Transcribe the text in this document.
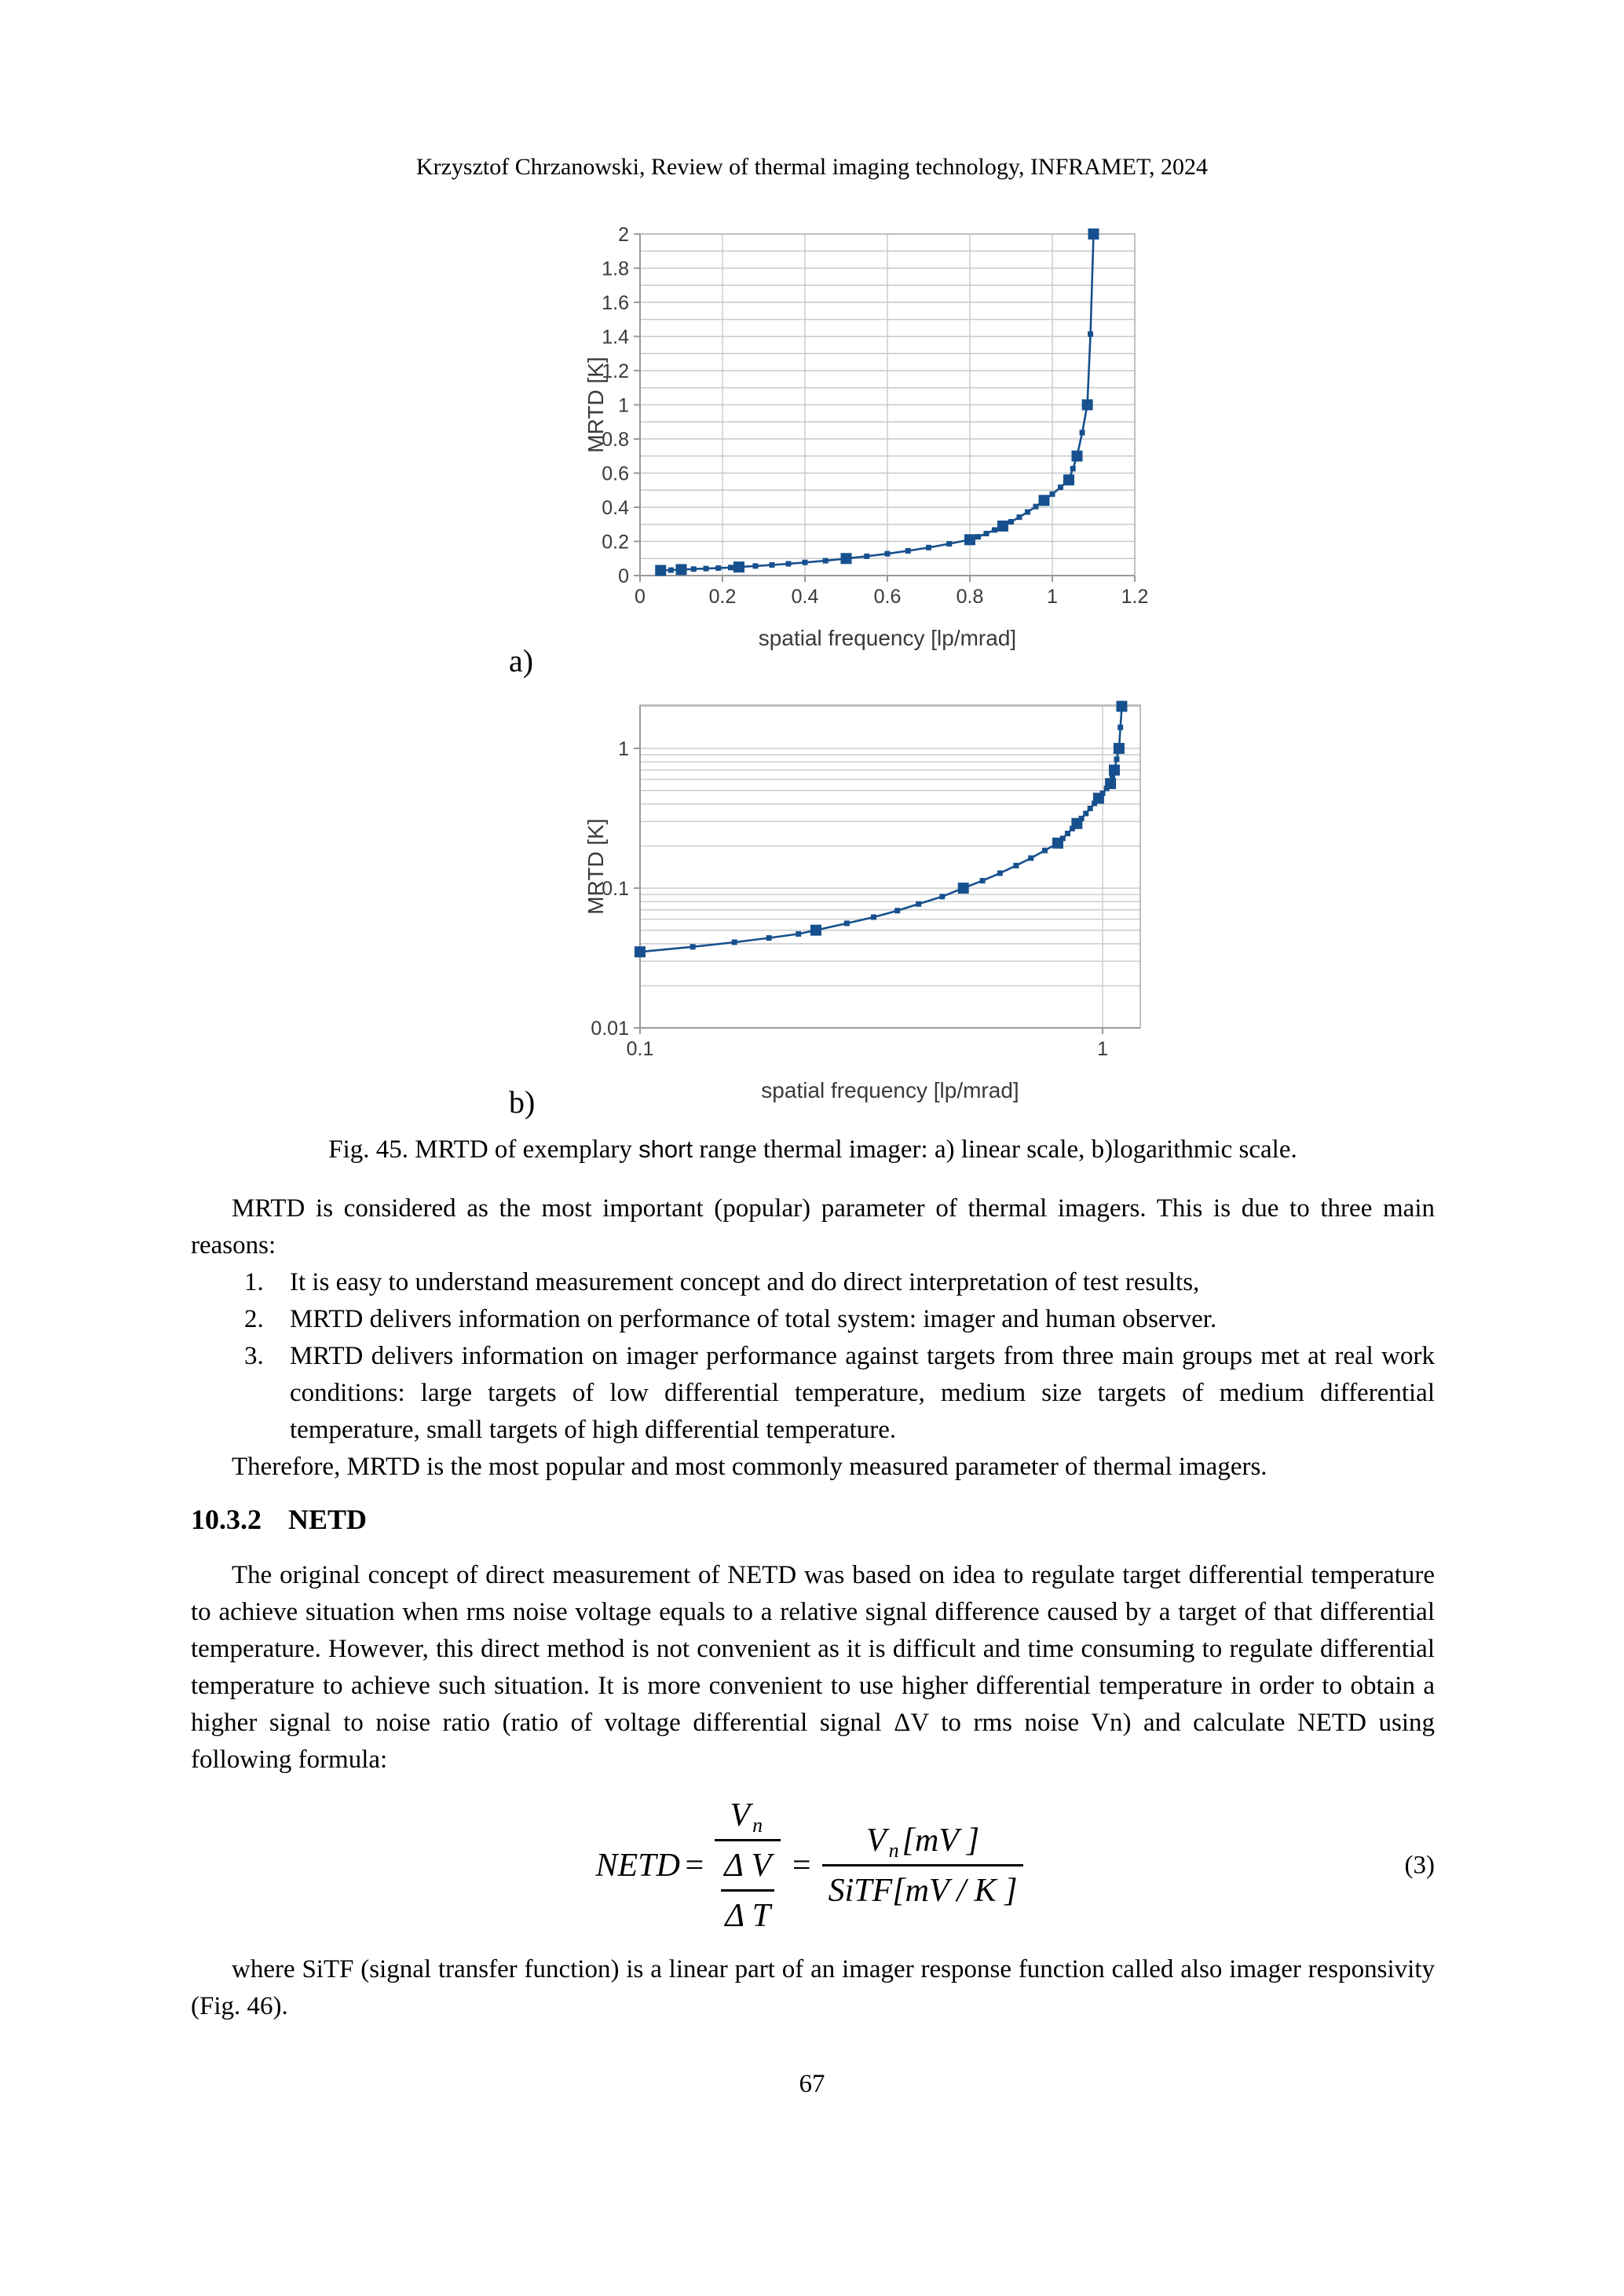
Krzysztof Chrzanowski, Review of thermal imaging technology, INFRAMET, 2024
0
0.2
0.4
0.6
0.8
1
1.2
1.4
1.6
1.8
2
0	0.2	0.4	0.6	0.8	1	1.2
spatial frequency [lp/mrad]
MRTD [K]
a)
0.01
0.1
1
0.1	1
spatial frequency [lp/mrad]
MRTD [K]
b)
Fig. 45. MRTD of exemplary short range thermal imager: a) linear scale, b)logarithmic scale.

MRTD is considered as the most important (popular) parameter of thermal imagers. This is due to three main reasons:

1.	It is easy to understand measurement concept and do direct interpretation of test results,
2.	MRTD delivers information on performance of total system: imager and human observer.
3.	MRTD delivers information on imager performance against targets from three main groups met at real work conditions: large targets of low differential temperature, medium size targets of medium differential temperature, small targets of high differential temperature.

Therefore, MRTD is the most popular and most commonly measured parameter of thermal imagers.

10.3.2 NETD

The original concept of direct measurement of NETD was based on idea to regulate target differential temperature to achieve situation when rms noise voltage equals to a relative signal difference caused by a target of that differential temperature. However, this direct method is not convenient as it is difficult and time consuming to regulate differential temperature to achieve such situation. It is more convenient to use higher differential temperature in order to obtain a higher signal to noise ratio (ratio of voltage differential signal ΔV to rms noise Vn) and calculate NETD using following formula:

NETD = $\frac{\text{V n}}{\frac{\text{Δ V}}{\text{Δ T}}} = \frac{\text{V n [mV ]}}{\text{SiTF [mV / K ]}}$	(3)

where SiTF (signal transfer function) is a linear part of an imager response function called also imager responsivity (Fig. 46).

67
